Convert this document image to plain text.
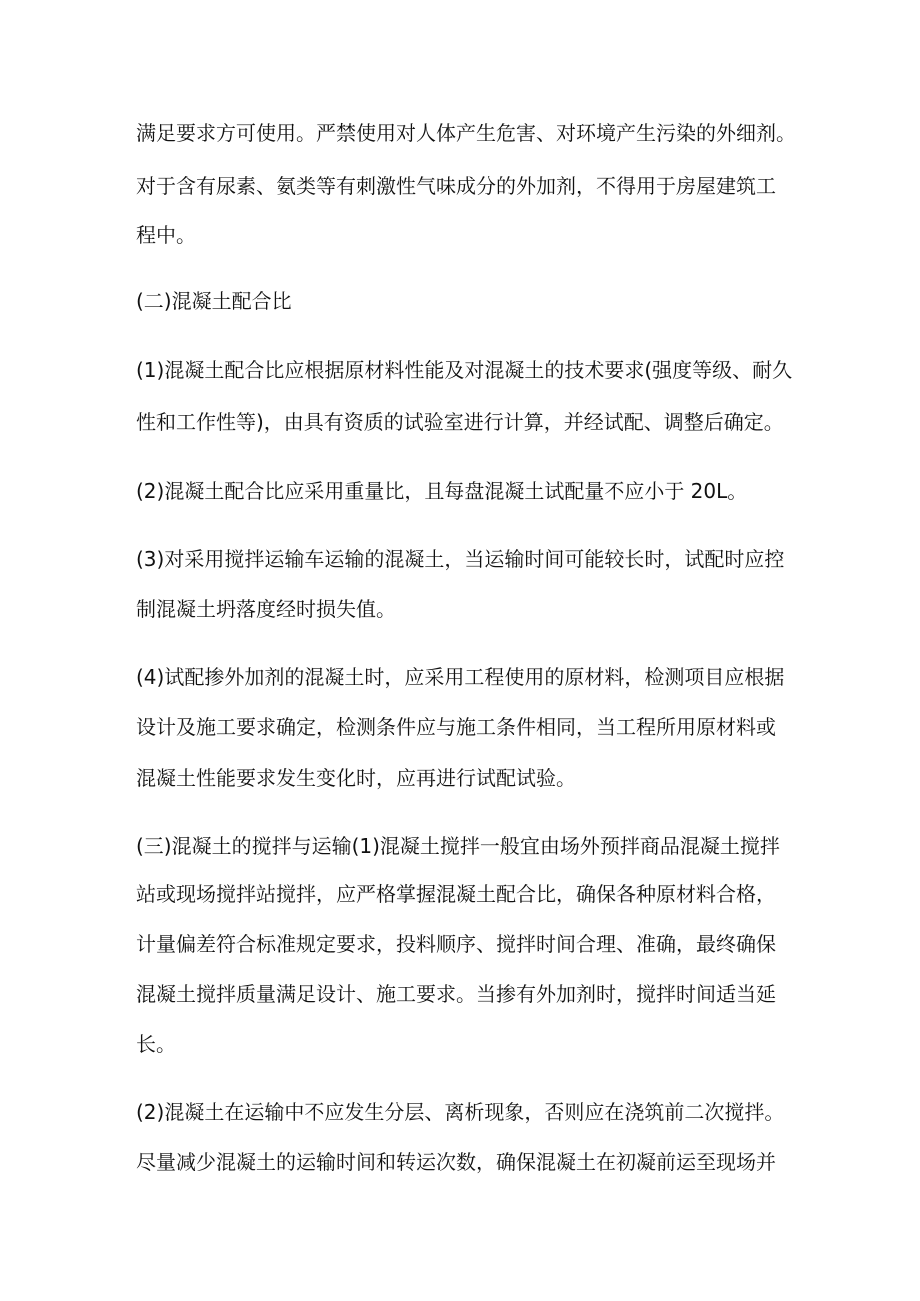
满足要求方可使用。严禁使用对人体产生危害、对环境产生污染的外细剂。
对于含有尿素、氨类等有刺激性气味成分的外加剂，不得用于房屋建筑工
程中。
(二)混凝土配合比
(1)混凝土配合比应根据原材料性能及对混凝土的技术要求(强度等级、耐久
性和工作性等)，由具有资质的试验室进行计算，并经试配、调整后确定。
(2)混凝土配合比应采用重量比，且每盘混凝土试配量不应小于 20L。
(3)对采用搅拌运输车运输的混凝土，当运输时间可能较长时，试配时应控
制混凝土坍落度经时损失值。
(4)试配掺外加剂的混凝土时，应采用工程使用的原材料，检测项目应根据
设计及施工要求确定，检测条件应与施工条件相同，当工程所用原材料或
混凝土性能要求发生变化时，应再进行试配试验。
(三)混凝土的搅拌与运输(1)混凝土搅拌一般宜由场外预拌商品混凝土搅拌
站或现场搅拌站搅拌，应严格掌握混凝土配合比，确保各种原材料合格，
计量偏差符合标准规定要求，投料顺序、搅拌时间合理、准确，最终确保
混凝土搅拌质量满足设计、施工要求。当掺有外加剂时，搅拌时间适当延
长。
(2)混凝土在运输中不应发生分层、离析现象，否则应在浇筑前二次搅拌。
尽量减少混凝土的运输时间和转运次数，确保混凝土在初凝前运至现场并
